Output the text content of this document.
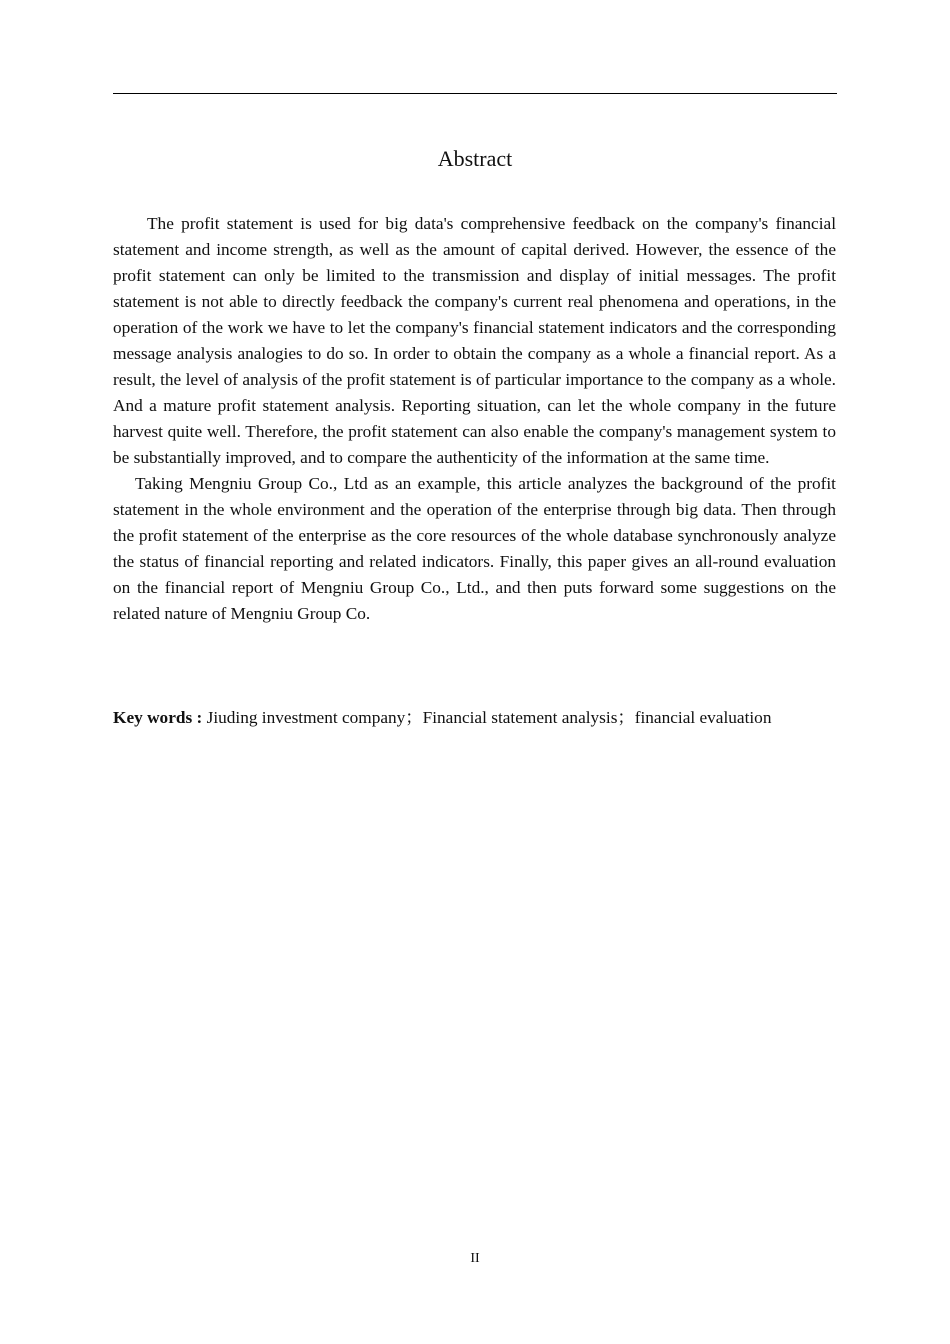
Abstract

The profit statement is used for big data's comprehensive feedback on the company's financial statement and income strength, as well as the amount of capital derived. However, the essence of the profit statement can only be limited to the transmission and display of initial messages. The profit statement is not able to directly feedback the company's current real phenomena and operations, in the operation of the work we have to let the company's financial statement indicators and the corresponding message analysis analogies to do so. In order to obtain the company as a whole a financial report. As a result, the level of analysis of the profit statement is of particular importance to the company as a whole. And a mature profit statement analysis. Reporting situation, can let the whole company in the future harvest quite well. Therefore, the profit statement can also enable the company's management system to be substantially improved, and to compare the authenticity of the information at the same time.

Taking Mengniu Group Co., Ltd as an example, this article analyzes the background of the profit statement in the whole environment and the operation of the enterprise through big data. Then through the profit statement of the enterprise as the core resources of the whole database synchronously analyze the status of financial reporting and related indicators. Finally, this paper gives an all-round evaluation on the financial report of Mengniu Group Co., Ltd., and then puts forward some suggestions on the related nature of Mengniu Group Co.

Key words : Jiuding investment company；Financial statement analysis；financial evaluation
II
